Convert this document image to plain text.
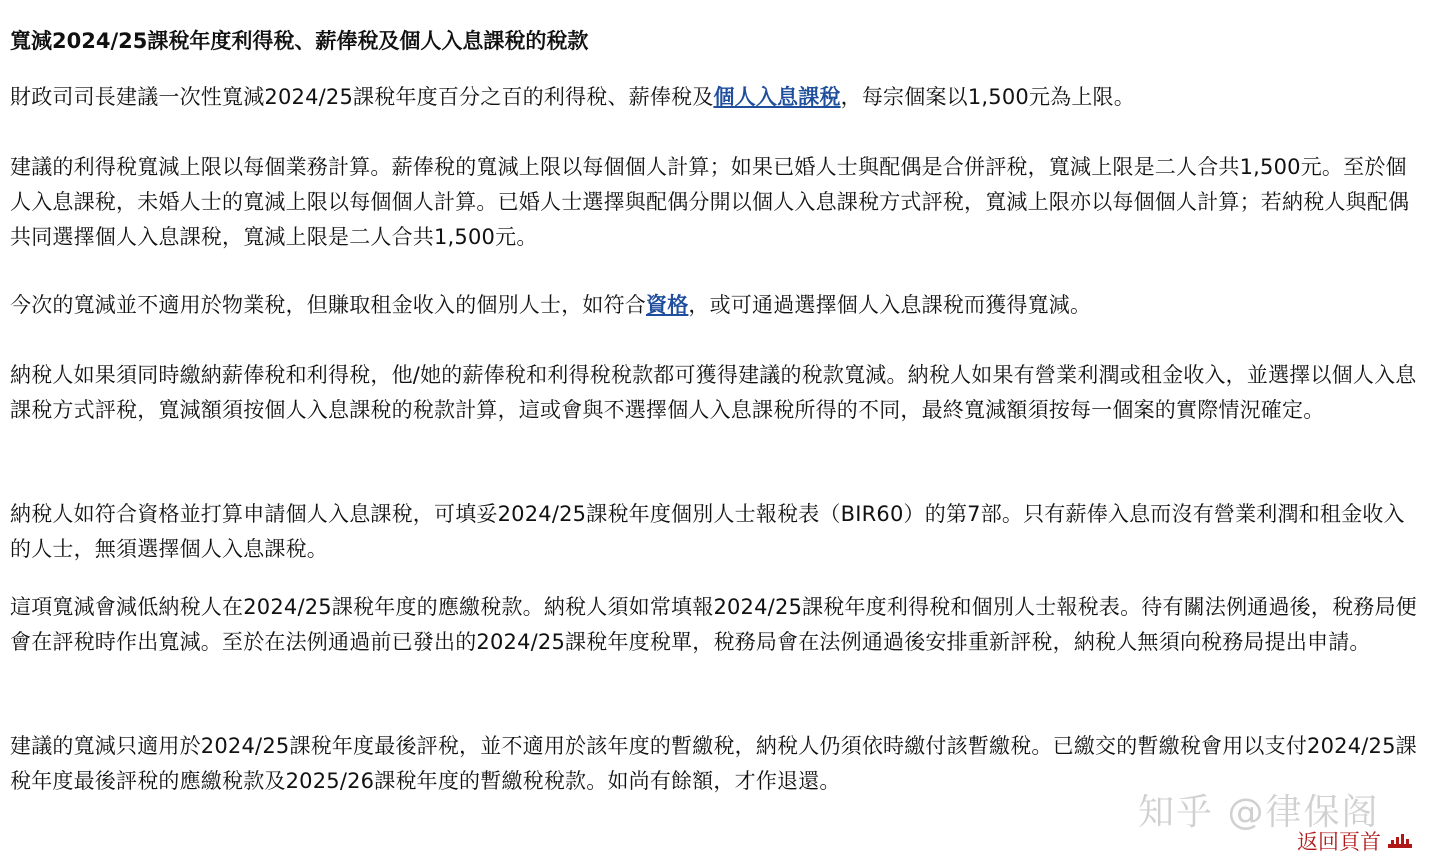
寬減2024/25課稅年度利得稅、薪俸稅及個人入息課稅的稅款

財政司司長建議一次性寬減2024/25課稅年度百分之百的利得稅、薪俸稅及個人入息課稅，每宗個案以1,500元為上限。

建議的利得稅寬減上限以每個業務計算。薪俸稅的寬減上限以每個個人計算；如果已婚人士與配偶是合併評稅，寬減上限是二人合共1,500元。至於個人入息課稅，未婚人士的寬減上限以每個個人計算。已婚人士選擇與配偶分開以個人入息課稅方式評稅，寬減上限亦以每個個人計算；若納稅人與配偶共同選擇個人入息課稅，寬減上限是二人合共1,500元。

今次的寬減並不適用於物業稅，但賺取租金收入的個別人士，如符合資格，或可通過選擇個人入息課稅而獲得寬減。

納稅人如果須同時繳納薪俸稅和利得稅，他/她的薪俸稅和利得稅稅款都可獲得建議的稅款寬減。納稅人如果有營業利潤或租金收入，並選擇以個人入息課稅方式評稅，寬減額須按個人入息課稅的稅款計算，這或會與不選擇個人入息課稅所得的不同，最終寬減額須按每一個案的實際情況確定。

納稅人如符合資格並打算申請個人入息課稅，可填妥2024/25課稅年度個別人士報稅表（BIR60）的第7部。只有薪俸入息而沒有營業利潤和租金收入的人士，無須選擇個人入息課稅。

這項寬減會減低納稅人在2024/25課稅年度的應繳稅款。納稅人須如常填報2024/25課稅年度利得稅和個別人士報稅表。待有關法例通過後，稅務局便會在評稅時作出寬減。至於在法例通過前已發出的2024/25課稅年度稅單，稅務局會在法例通過後安排重新評稅，納稅人無須向稅務局提出申請。

建議的寬減只適用於2024/25課稅年度最後評稅，並不適用於該年度的暫繳稅，納稅人仍須依時繳付該暫繳稅。已繳交的暫繳稅會用以支付2024/25課稅年度最後評稅的應繳稅款及2025/26課稅年度的暫繳稅稅款。如尚有餘額，才作退還。

知乎 @律保阁
返回頁首
